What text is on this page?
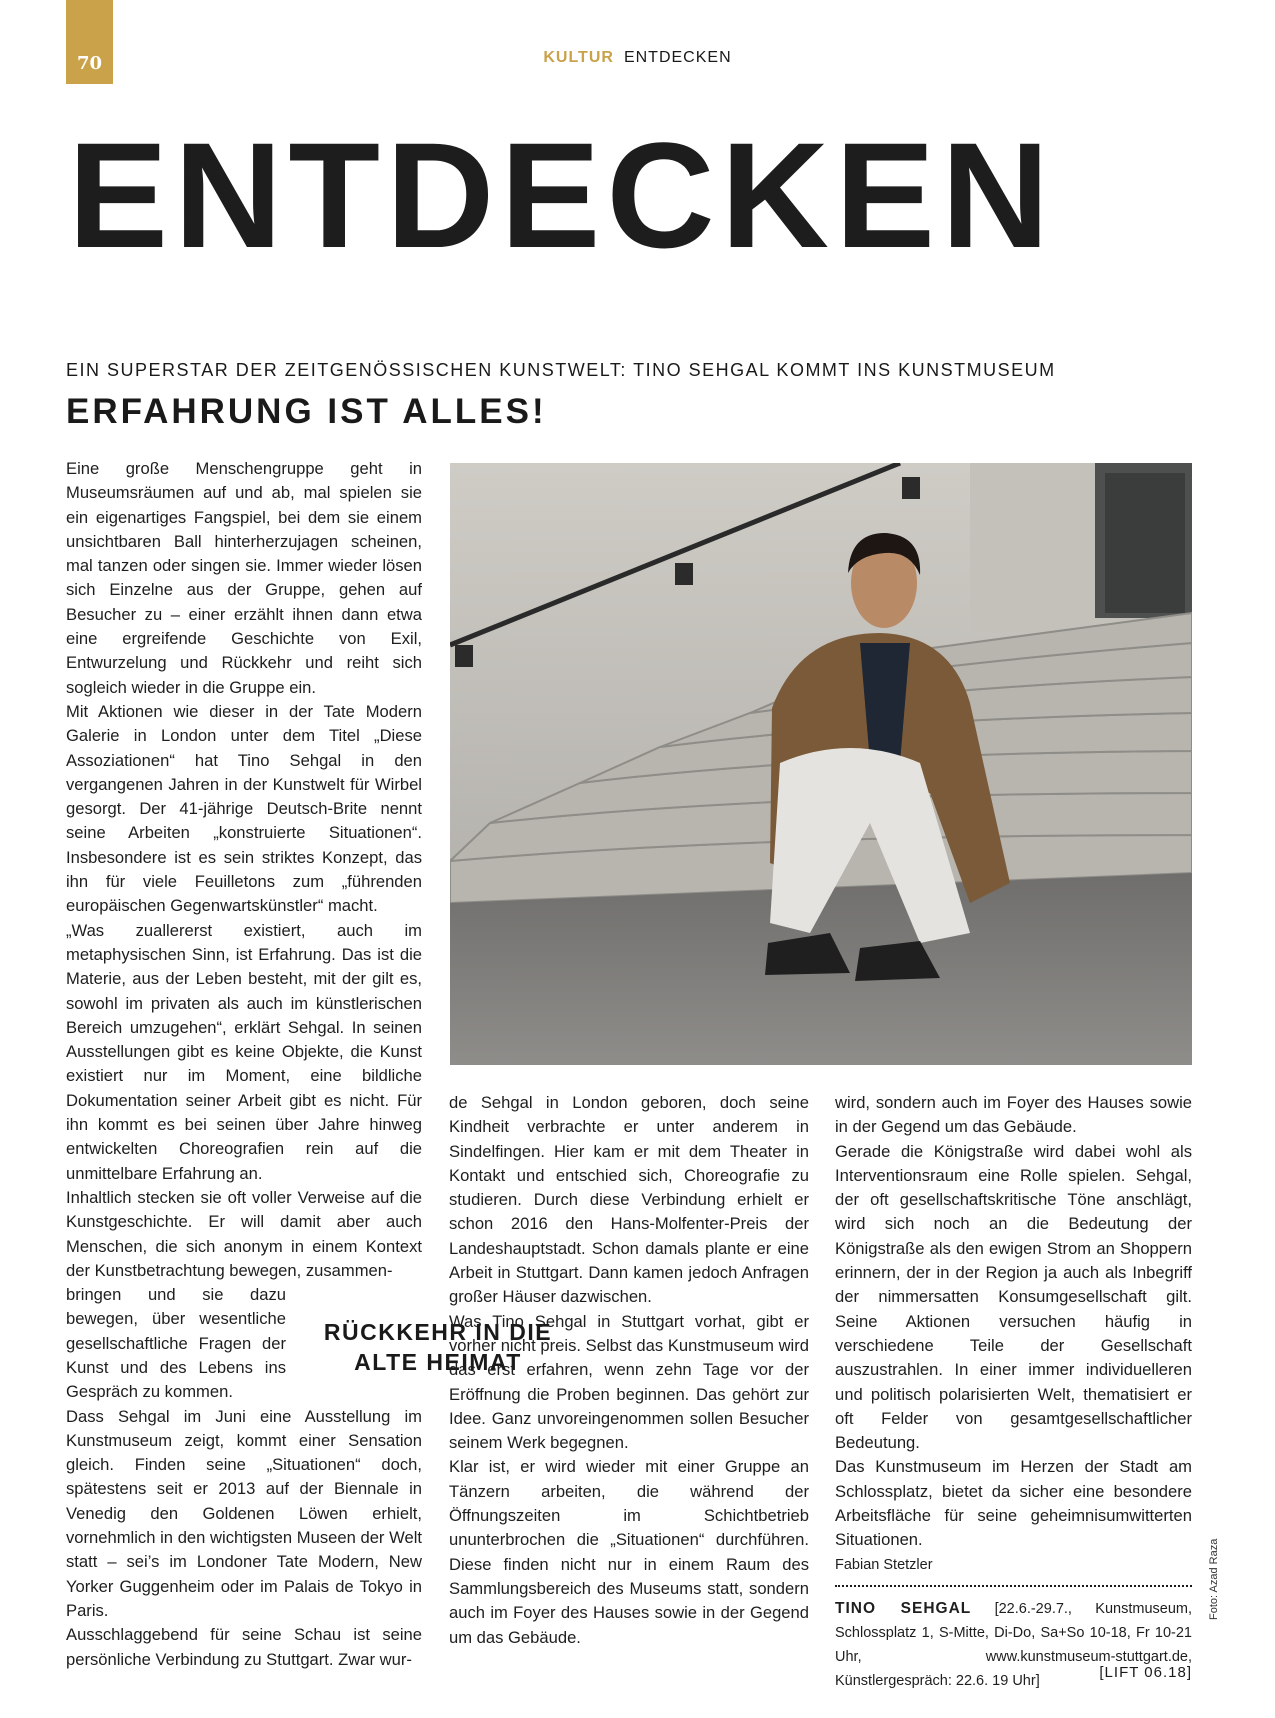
70	KULTUR ENTDECKEN
ENTDECKEN
EIN SUPERSTAR DER ZEITGENÖSSISCHEN KUNSTWELT: TINO SEHGAL KOMMT INS KUNSTMUSEUM
ERFAHRUNG IST ALLES!

Eine große Menschengruppe geht in Museumsräumen auf und ab, mal spielen sie ein eigenartiges Fangspiel, bei dem sie einem unsichtbaren Ball hinterherzujagen scheinen, mal tanzen oder singen sie. Immer wieder lösen sich Einzelne aus der Gruppe, gehen auf Besucher zu – einer erzählt ihnen dann etwa eine ergreifende Geschichte von Exil, Entwurzelung und Rückkehr und reiht sich sogleich wieder in die Gruppe ein.

Mit Aktionen wie dieser in der Tate Modern Galerie in London unter dem Titel „Diese Assoziationen“ hat Tino Sehgal in den vergangenen Jahren in der Kunstwelt für Wirbel gesorgt. Der 41-jährige Deutsch-Brite nennt seine Arbeiten „konstruierte Situationen“. Insbesondere ist es sein striktes Konzept, das ihn für viele Feuilletons zum „führenden europäischen Gegenwartskünstler“ macht.

„Was zuallererst existiert, auch im metaphysischen Sinn, ist Erfahrung. Das ist die Materie, aus der Leben besteht, mit der gilt es, sowohl im privaten als auch im künstlerischen Bereich umzugehen“, erklärt Sehgal. In seinen Ausstellungen gibt es keine Objekte, die Kunst existiert nur im Moment, eine bildliche Dokumentation seiner Arbeit gibt es nicht. Für ihn kommt es bei seinen über Jahre hinweg entwickelten Choreografien rein auf die unmittelbare Erfahrung an.

Inhaltlich stecken sie oft voller Verweise auf die Kunstgeschichte. Er will damit aber auch Menschen, die sich anonym in einem Kontext der Kunstbetrachtung bewegen, zusammen-

bringen und sie dazu bewegen, über wesentliche gesellschaftliche Fragen der Kunst und des Lebens ins Gespräch zu kommen.

Dass Sehgal im Juni eine Ausstellung im Kunstmuseum zeigt, kommt einer Sensation gleich. Finden seine „Situationen“ doch, spätestens seit er 2013 auf der Biennale in Venedig den Goldenen Löwen erhielt, vornehmlich in den wichtigsten Museen der Welt statt – sei’s im Londoner Tate Modern, New Yorker Guggenheim oder im Palais de Tokyo in Paris.

Ausschlaggebend für seine Schau ist seine persönliche Verbindung zu Stuttgart. Zwar wur-

RÜCKKEHR IN DIE ALTE HEIMAT

de Sehgal in London geboren, doch seine Kindheit verbrachte er unter anderem in Sindelfingen. Hier kam er mit dem Theater in Kontakt und entschied sich, Choreografie zu studieren. Durch diese Verbindung erhielt er schon 2016 den Hans-Molfenter-Preis der Landeshauptstadt. Schon damals plante er eine Arbeit in Stuttgart. Dann kamen jedoch Anfragen großer Häuser dazwischen.

Was Tino Sehgal in Stuttgart vorhat, gibt er vorher nicht preis. Selbst das Kunstmuseum wird das erst erfahren, wenn zehn Tage vor der Eröffnung die Proben beginnen. Das gehört zur Idee. Ganz unvoreingenommen sollen Besucher seinem Werk begegnen.

Klar ist, er wird wieder mit einer Gruppe an Tänzern arbeiten, die während der Öffnungszeiten im Schichtbetrieb ununterbrochen die „Situationen“ durchführen. Diese finden nicht nur in einem Raum des Sammlungsbereich des Museums statt, sondern auch im Foyer des Hauses sowie in der Gegend um das Gebäude.

wird, sondern auch im Foyer des Hauses sowie in der Gegend um das Gebäude.

Gerade die Königstraße wird dabei wohl als Interventionsraum eine Rolle spielen. Sehgal, der oft gesellschaftskritische Töne anschlägt, wird sich noch an die Bedeutung der Königstraße als den ewigen Strom an Shoppern erinnern, der in der Region ja auch als Inbegriff der nimmersatten Konsumgesellschaft gilt. Seine Aktionen versuchen häufig in verschiedene Teile der Gesellschaft auszustrahlen. In einer immer individuelleren und politisch polarisierten Welt, thematisiert er oft Felder von gesamtgesellschaftlicher Bedeutung.

Das Kunstmuseum im Herzen der Stadt am Schlossplatz, bietet da sicher eine besondere Arbeitsfläche für seine geheimnisumwitterten Situationen.

Fabian Stetzler

TINO SEHGAL [22.6.-29.7., Kunstmuseum, Schlossplatz 1, S-Mitte, Di-Do, Sa+So 10-18, Fr 10-21 Uhr, www.kunstmuseum-stuttgart.de, Künstlergespräch: 22.6. 19 Uhr]

Foto: Azad Raza
[LIFT 06.18]
